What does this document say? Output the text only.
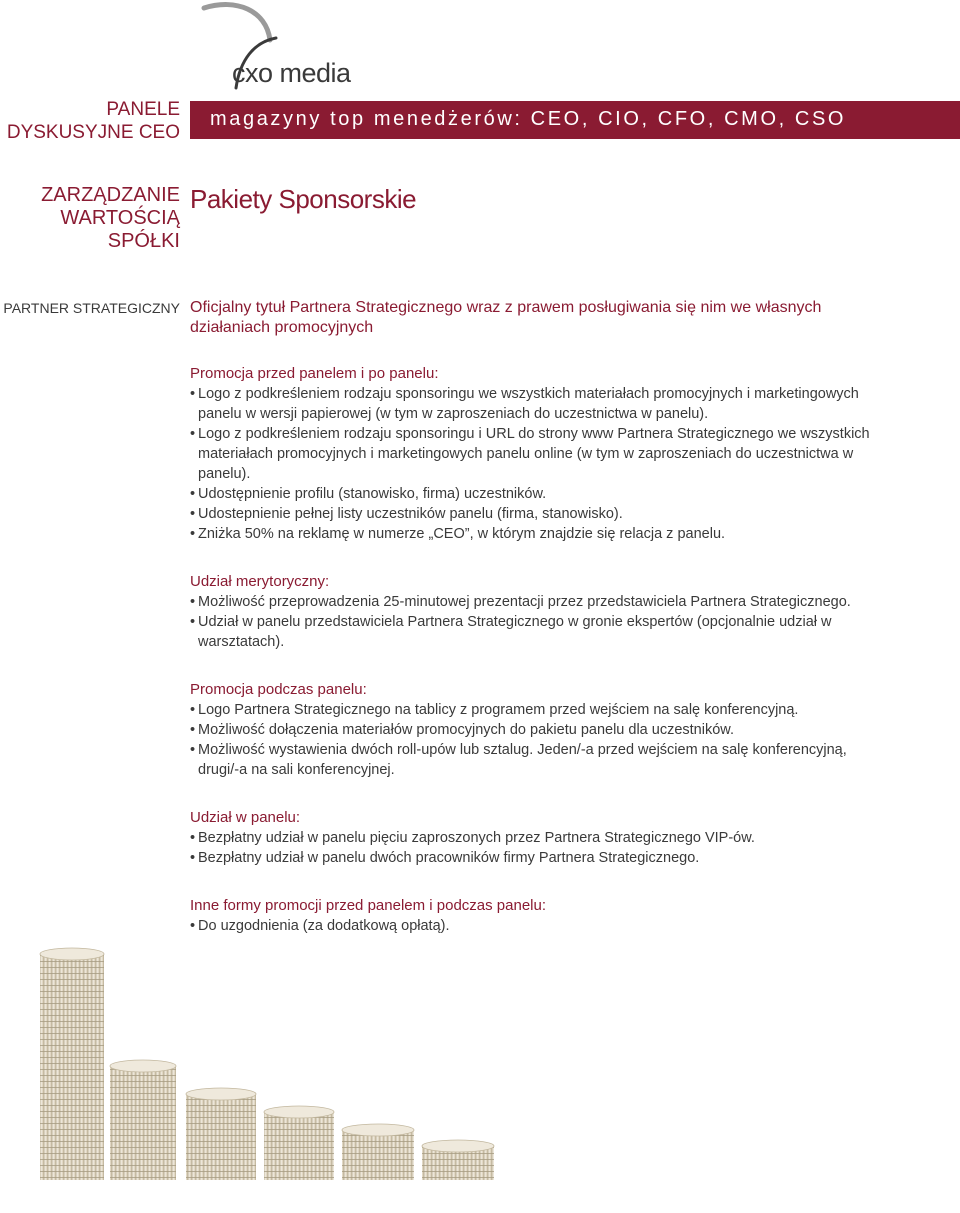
cxo media
PANELE DYSKUSYJNE CEO
magazyny top menedżerów: CEO, CIO, CFO, CMO, CSO
ZARZĄDZANIE WARTOŚCIĄ SPÓŁKI
Pakiety Sponsorskie
PARTNER STRATEGICZNY Oficjalny tytuł Partnera Strategicznego wraz z prawem posługiwania się nim we własnych działaniach promocyjnych

Promocja przed panelem i po panelu:

• Logo z podkreśleniem rodzaju sponsoringu we wszystkich materiałach promocyjnych i marketingowych panelu w wersji papierowej (w tym w zaproszeniach do uczestnictwa w panelu).
• Logo z podkreśleniem rodzaju sponsoringu i URL do strony www Partnera Strategicznego we wszystkich materiałach promocyjnych i marketingowych panelu online (w tym w zaproszeniach do uczestnictwa w panelu).
• Udostępnienie profilu (stanowisko, firma) uczestników.
• Udostepnienie pełnej listy uczestników panelu (firma, stanowisko).
• Zniżka 50% na reklamę w numerze „CEO”, w którym znajdzie się relacja z panelu.

Udział merytoryczny:

• Możliwość przeprowadzenia 25-minutowej prezentacji przez przedstawiciela Partnera Strategicznego.
• Udział w panelu przedstawiciela Partnera Strategicznego w gronie ekspertów (opcjonalnie udział w warsztatach).

Promocja podczas panelu:

• Logo Partnera Strategicznego na tablicy z programem przed wejściem na salę konferencyjną.
• Możliwość dołączenia materiałów promocyjnych do pakietu panelu dla uczestników.
• Możliwość wystawienia dwóch roll-upów lub sztalug. Jeden/-a przed wejściem na salę konferencyjną, drugi/-a na sali konferencyjnej.

Udział w panelu:

• Bezpłatny udział w panelu pięciu zaproszonych przez Partnera Strategicznego VIP-ów.
• Bezpłatny udział w panelu dwóch pracowników firmy Partnera Strategicznego.

Inne formy promocji przed panelem i podczas panelu:

• Do uzgodnienia (za dodatkową opłatą).
